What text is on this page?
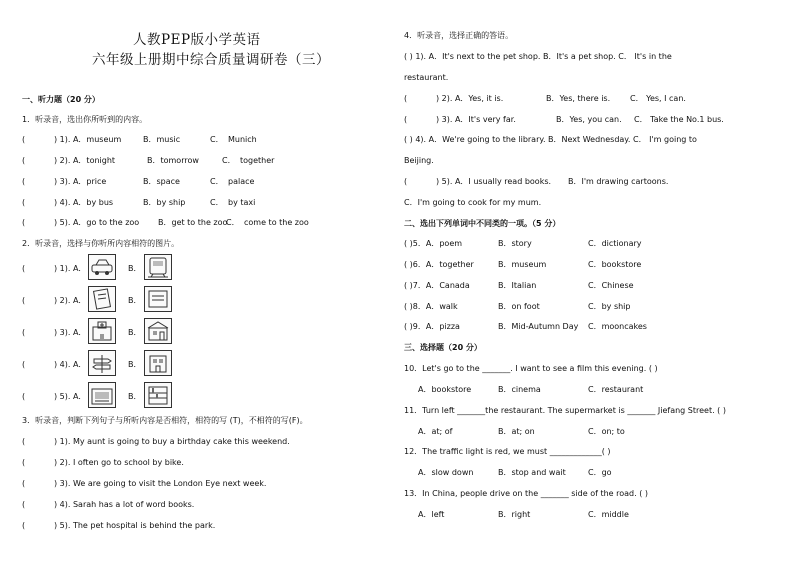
人教PEP版小学英语
六年级上册期中综合质量调研卷（三）
一、听力题（20 分）
1．听录音，选出你所听到的内容。
(	) 1). A．museum	B．music	C． Munich
(	) 2). A．tonight	B．tomorrow	C． together
(	) 3). A．price	B．space	C． palace
(	) 4). A．by bus	B．by ship	C． by taxi
(	) 5). A．go to the zoo B．get to the zoo
C． come to the zoo
2．听录音，选择与你听所内容相符的图片。
(	) 1). A．	B．
(	) 2). A．	B．
(	) 3). A．	B．
(	) 4). A．	B．
(	) 5). A．	B．
3．听录音，判断下列句子与所听内容是否相符，相符的写 (T)，不相符的写(F)。
(	) 1). My aunt is going to buy a birthday cake this weekend.
(	) 2). I often go to school by bike.
(	) 3). We are going to visit the London Eye next week.
(	) 4). Sarah has a lot of word books.
(	) 5). The pet hospital is behind the park.
4．听录音，选择正确的答语。
( ) 1). A．It's next to the pet shop. B．It's a pet shop. C． It's in the
restaurant.
(	) 2). A．Yes, it is.	B．Yes, there is. C． Yes, I can.
(	) 3). A．It's very far.	B．Yes, you can. C． Take the No.1 bus.
( ) 4). A．We're going to the library. B．Next Wednesday. C． I'm going to
Beijing.
(	) 5). A．I usually read books. B．I'm drawing cartoons.
C．I'm going to cook for my mum.
二、选出下列单词中不同类的一项。（5 分）
( )5．A．poem	B．story	C．dictionary
( )6．A．together	B．museum	C．bookstore
( )7．A．Canada	B．Italian	C．Chinese
( )8．A．walk	B．on foot	C．by ship
( )9．A．pizza	B．Mid-Autumn Day C．mooncakes
三、选择题（20 分）
10．Let's go to the _______. I want to see a film this evening. ( )
A．bookstore	B．cinema	C．restaurant
11．Turn left _______the restaurant. The supermarket is _______ Jiefang Street. ( )
A．at; of	B．at; on	C．on; to
12．The traffic light is red, we must _____________( )
A．slow down	B．stop and wait	C．go
13．In China, people drive on the _______ side of the road. ( )
A．left	B．right	C．middle
